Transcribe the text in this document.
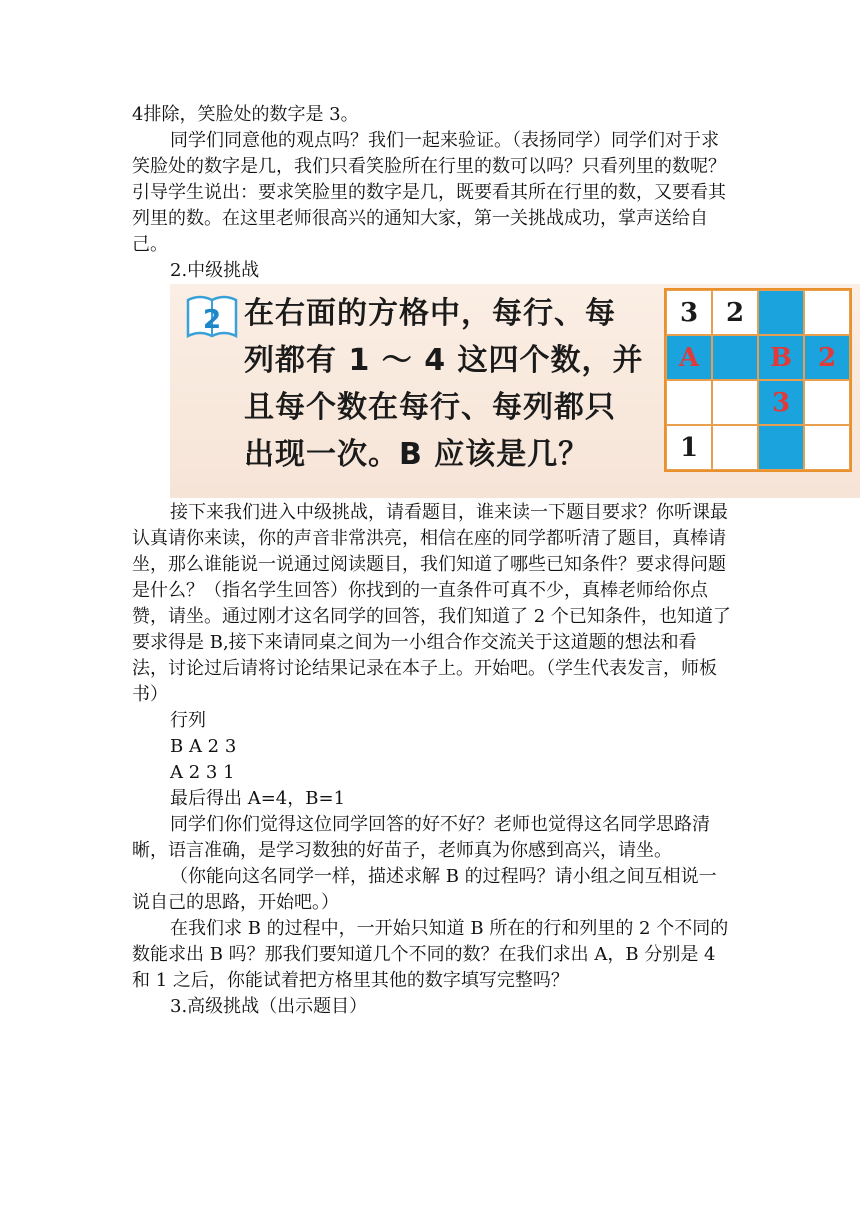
4排除，笑脸处的数字是 3。

同学们同意他的观点吗？我们一起来验证。（表扬同学）同学们对于求笑脸处的数字是几，我们只看笑脸所在行里的数可以吗？只看列里的数呢？引导学生说出：要求笑脸里的数字是几，既要看其所在行里的数，又要看其列里的数。在这里老师很高兴的通知大家，第一关挑战成功，掌声送给自己。

2.中级挑战

2 在右面的方格中，每行、每
列都有 1 ～ 4 这四个数，并
且每个数在每行、每列都只
出现一次。B 应该是几？
3	2
A	B 2
3
1

接下来我们进入中级挑战，请看题目，谁来读一下题目要求？你听课最认真请你来读，你的声音非常洪亮，相信在座的同学都听清了题目，真棒请坐，那么谁能说一说通过阅读题目，我们知道了哪些已知条件？要求得问题是什么？（指名学生回答）你找到的一直条件可真不少，真棒老师给你点赞，请坐。通过刚才这名同学的回答，我们知道了 2 个已知条件，也知道了要求得是 B,接下来请同桌之间为一小组合作交流关于这道题的想法和看法，讨论过后请将讨论结果记录在本子上。开始吧。（学生代表发言，师板书）

行列

B A 2 3

A 2 3 1

最后得出 A=4，B=1

同学们你们觉得这位同学回答的好不好？老师也觉得这名同学思路清晰，语言准确，是学习数独的好苗子，老师真为你感到高兴，请坐。

（你能向这名同学一样，描述求解 B 的过程吗？请小组之间互相说一说自己的思路，开始吧。）

在我们求 B 的过程中，一开始只知道 B 所在的行和列里的 2 个不同的数能求出 B 吗？那我们要知道几个不同的数？在我们求出 A，B 分别是 4 和 1 之后，你能试着把方格里其他的数字填写完整吗？

3.高级挑战（出示题目）
